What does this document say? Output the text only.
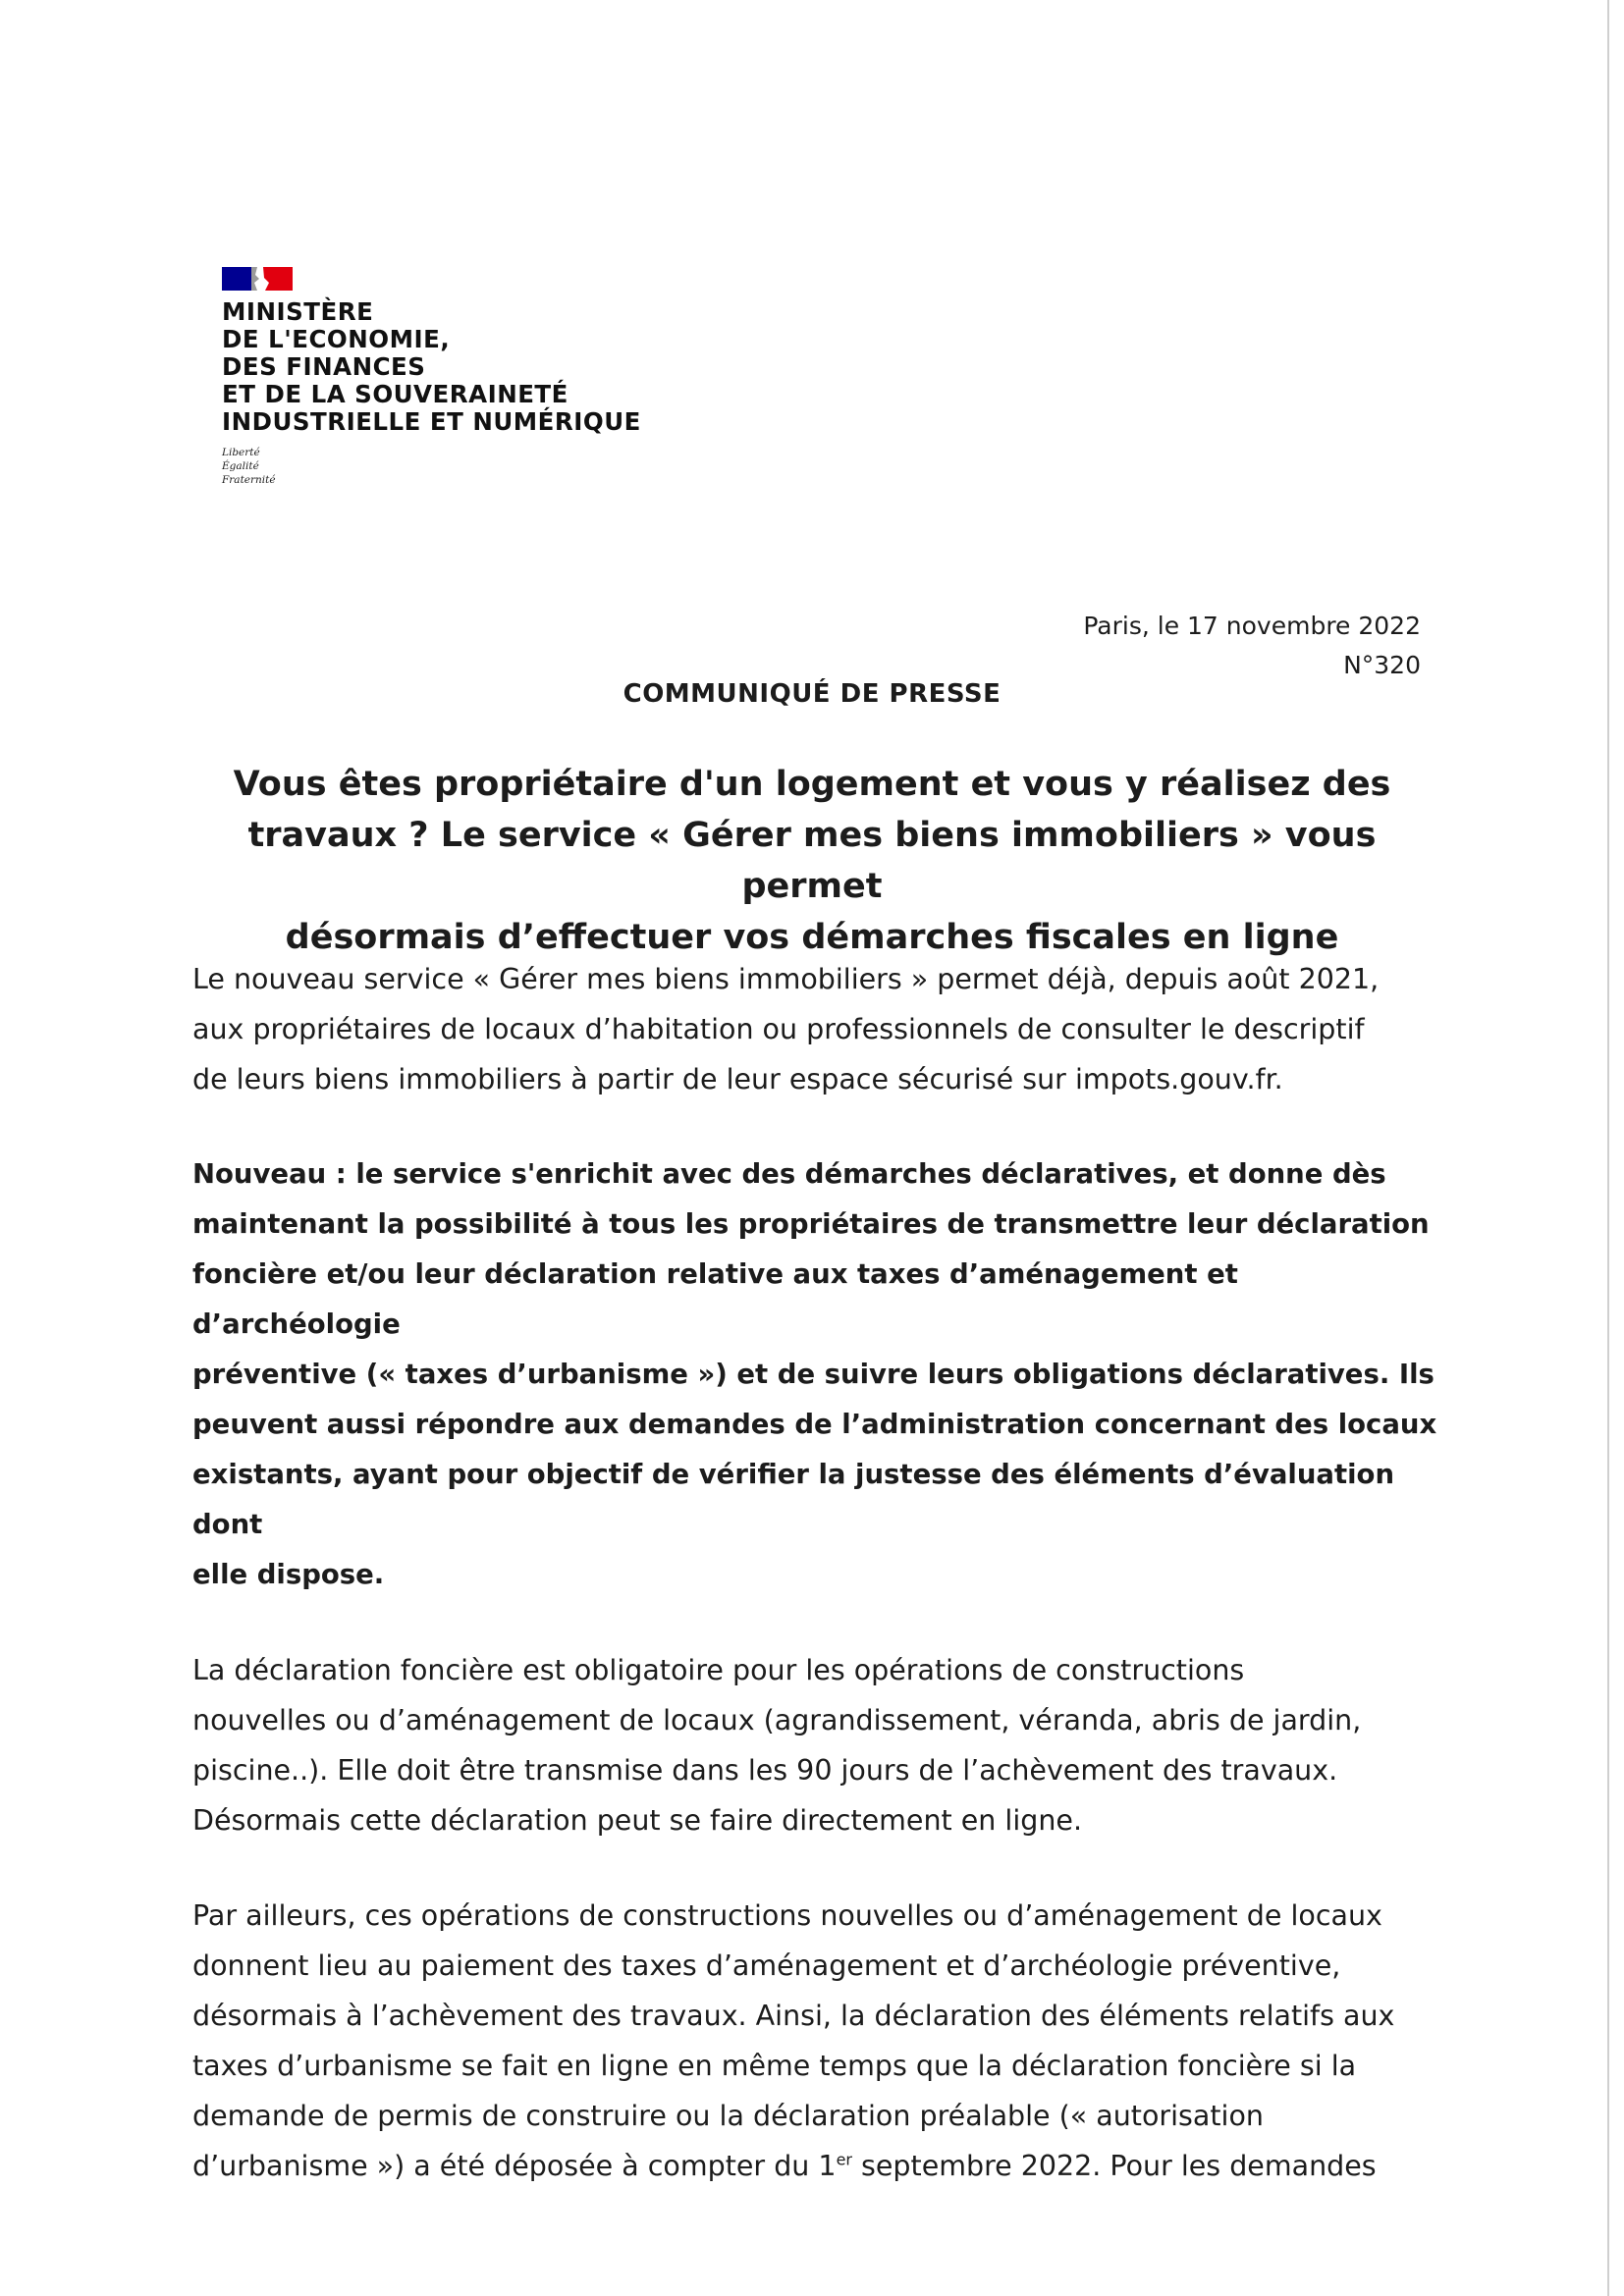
MINISTÈRE
DE L'ECONOMIE,
DES FINANCES
ET DE LA SOUVERAINETÉ
INDUSTRIELLE ET NUMÉRIQUE
Liberté
Égalité
Fraternité
Paris, le 17 novembre 2022
N°320
COMMUNIQUÉ DE PRESSE
Vous êtes propriétaire d'un logement et vous y réalisez des
travaux ? Le service « Gérer mes biens immobiliers » vous permet
désormais d’effectuer vos démarches fiscales en ligne
Le nouveau service « Gérer mes biens immobiliers » permet déjà, depuis août 2021,
aux propriétaires de locaux d’habitation ou professionnels de consulter le descriptif
de leurs biens immobiliers à partir de leur espace sécurisé sur impots.gouv.fr.
Nouveau : le service s'enrichit avec des démarches déclaratives, et donne dès
maintenant la possibilité à tous les propriétaires de transmettre leur déclaration
foncière et/ou leur déclaration relative aux taxes d’aménagement et d’archéologie
préventive (« taxes d’urbanisme ») et de suivre leurs obligations déclaratives. Ils
peuvent aussi répondre aux demandes de l’administration concernant des locaux
existants, ayant pour objectif de vérifier la justesse des éléments d’évaluation dont
elle dispose.
La déclaration foncière est obligatoire pour les opérations de constructions
nouvelles ou d’aménagement de locaux (agrandissement, véranda, abris de jardin,
piscine..). Elle doit être transmise dans les 90 jours de l’achèvement des travaux.
Désormais cette déclaration peut se faire directement en ligne.
Par ailleurs, ces opérations de constructions nouvelles ou d’aménagement de locaux
donnent lieu au paiement des taxes d’aménagement et d’archéologie préventive,
désormais à l’achèvement des travaux. Ainsi, la déclaration des éléments relatifs aux
taxes d’urbanisme se fait en ligne en même temps que la déclaration foncière si la
demande de permis de construire ou la déclaration préalable (« autorisation
d’urbanisme ») a été déposée à compter du 1er septembre 2022. Pour les demandes
